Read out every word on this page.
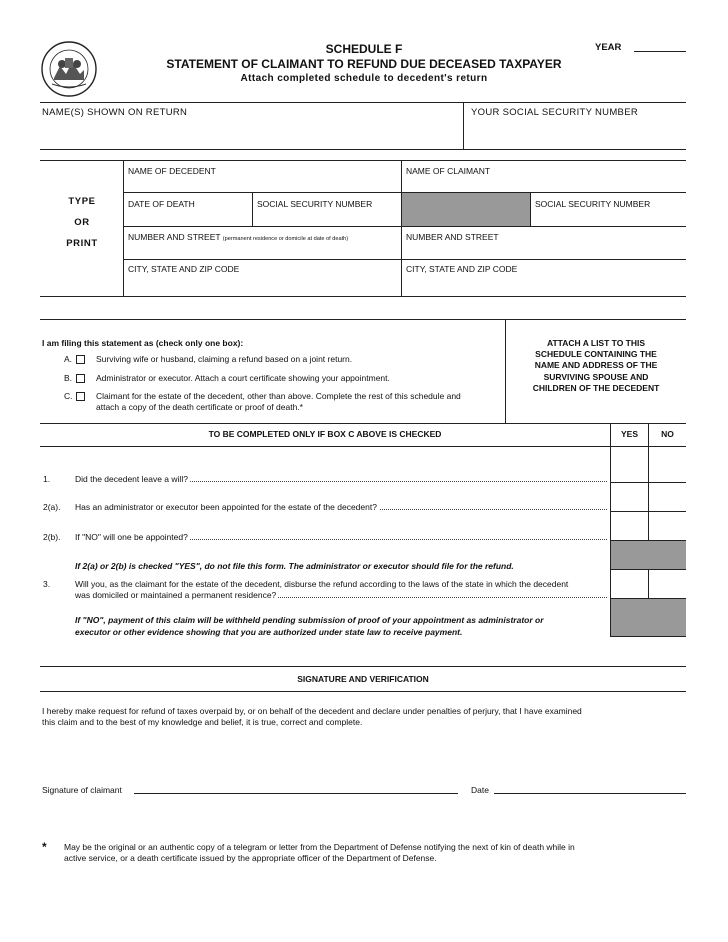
STATE OF WEST VIRGINIA
SCHEDULE F
STATEMENT OF CLAIMANT TO REFUND DUE DECEASED TAXPAYER
Attach completed schedule to decedent's return
YEAR
NAME(S) SHOWN ON RETURN	YOUR SOCIAL SECURITY NUMBER
TYPE
OR
PRINT
NAME OF DECEDENT	NAME OF CLAIMANT
DATE OF DEATH	SOCIAL SECURITY NUMBER	SOCIAL SECURITY NUMBER
NUMBER AND STREET (permanent residence or domicile at date of death)	NUMBER AND STREET
CITY, STATE AND ZIP CODE	CITY, STATE AND ZIP CODE
I am filing this statement as (check only one box):
A.	Surviving wife or husband, claiming a refund based on a joint return.
B.	Administrator or executor. Attach a court certificate showing your appointment.
C.	Claimant for the estate of the decedent, other than above. Complete the rest of this schedule and
attach a copy of the death certificate or proof of death.*
ATTACH A LIST TO THIS
SCHEDULE CONTAINING THE
NAME AND ADDRESS OF THE
SURVIVING SPOUSE AND
CHILDREN OF THE DECEDENT
TO BE COMPLETED ONLY IF BOX C ABOVE IS CHECKED	YES	NO
1.	Did the decedent leave a will?
2(a). Has an administrator or executor been appointed for the estate of the decedent?
2(b). If "NO" will one be appointed?
If 2(a) or 2(b) is checked "YES", do not file this form. The administrator or executor should file for the refund.
3.	Will you, as the claimant for the estate of the decedent, disburse the refund according to the laws of the state in which the decedent
was domiciled or maintained a permanent residence?
If "NO", payment of this claim will be withheld pending submission of proof of your appointment as administrator or
executor or other evidence showing that you are authorized under state law to receive payment.
SIGNATURE AND VERIFICATION
I hereby make request for refund of taxes overpaid by, or on behalf of the decedent and declare under penalties of perjury, that I have examined
this claim and to the best of my knowledge and belief, it is true, correct and complete.
Signature of claimant	Date
* May be the original or an authentic copy of a telegram or letter from the Department of Defense notifying the next of kin of death while in
active service, or a death certificate issued by the appropriate officer of the Department of Defense.
